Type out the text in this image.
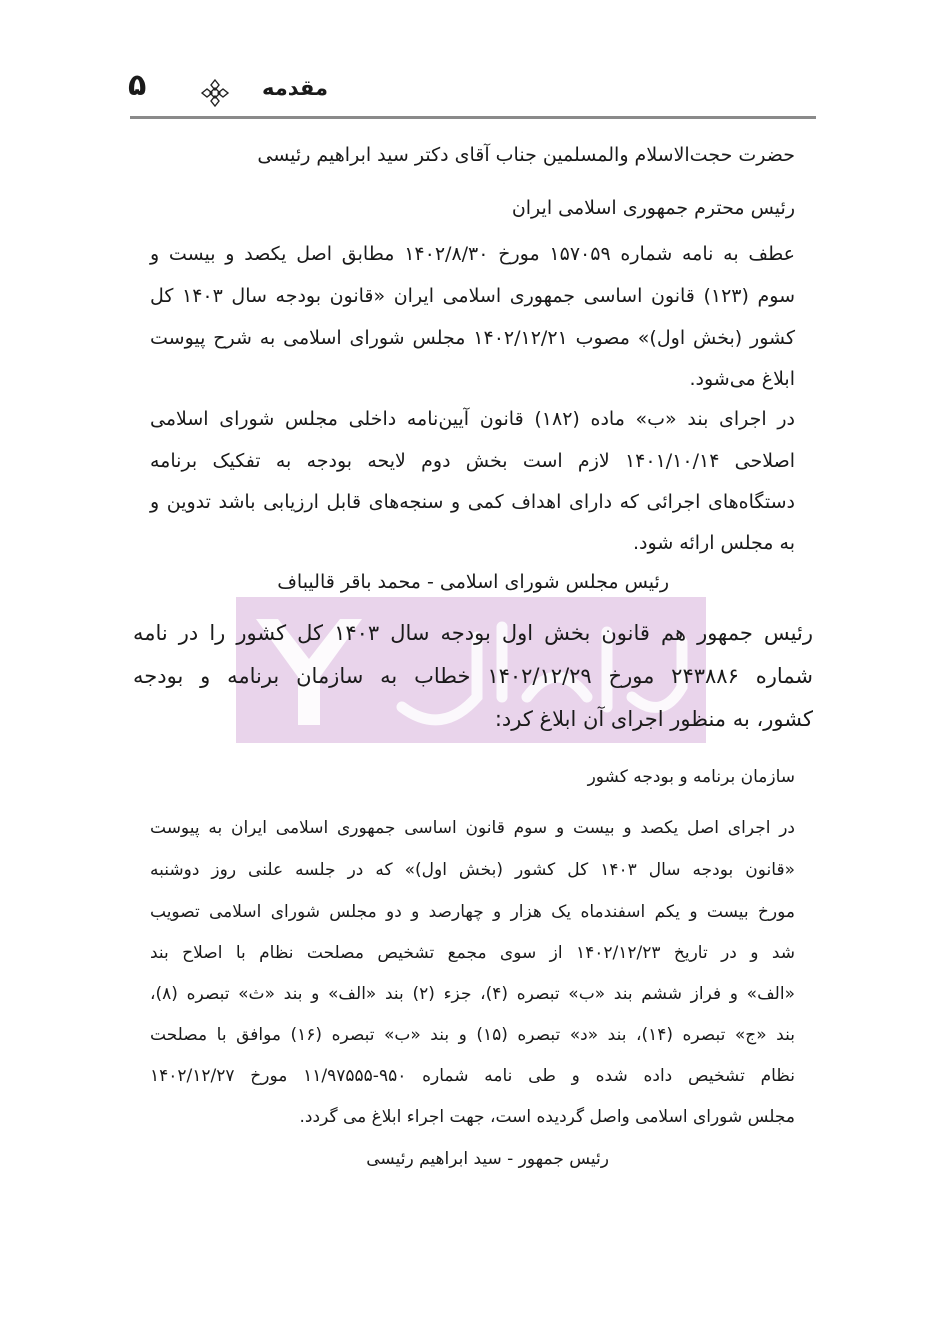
مقدمه
۵
حضرت حجت‌الاسلام والمسلمین جناب آقای دکتر سید ابراهیم رئیسی
رئیس محترم جمهوری اسلامی ایران
عطف به نامه شماره ۱۵۷۰۵۹ مورخ ۱۴۰۲/۸/۳۰ مطابق اصل یکصد و بیست و
سوم (۱۲۳) قانون اساسی جمهوری اسلامی ایران «قانون بودجه سال ۱۴۰۳ کل
کشور (بخش اول)» مصوب ۱۴۰۲/۱۲/۲۱ مجلس شورای اسلامی به شرح پیوست
ابلاغ می‌شود.
در اجرای بند «ب» ماده (۱۸۲) قانون آیین‌نامه داخلی مجلس شورای اسلامی
اصلاحی ۱۴۰۱/۱۰/۱۴ لازم است بخش دوم لایحه بودجه به تفکیک برنامه
دستگاه‌های اجرائی که دارای اهداف کمی و سنجه‌های قابل ارزیابی باشد تدوین و
به مجلس ارائه شود.
رئیس مجلس شورای اسلامی - محمد باقر قالیباف
رئیس جمهور هم قانون بخش اول بودجه سال ۱۴۰۳ کل کشور را در نامه
شماره ۲۴۳۸۸۶ مورخ ۱۴۰۲/۱۲/۲۹ خطاب به سازمان برنامه و بودجه
کشور، به منظور اجرای آن ابلاغ کرد:
سازمان برنامه و بودجه کشور
در اجرای اصل یکصد و بیست و سوم قانون اساسی جمهوری اسلامی ایران به پیوست
«قانون بودجه سال ۱۴۰۳ کل کشور (بخش اول)» که در جلسه علنی روز دوشنبه
مورخ بیست و یکم اسفندماه یک هزار و چهارصد و دو مجلس شورای اسلامی تصویب
شد و در تاریخ ۱۴۰۲/۱۲/۲۳ از سوی مجمع تشخیص مصلحت نظام با اصلاح بند
«الف» و فراز ششم بند «ب» تبصره (۴)، جزء (۲) بند «الف» و بند «ث» تبصره (۸)،
بند «ج» تبصره (۱۴)، بند «د» تبصره (۱۵) و بند «ب» تبصره (۱۶) موافق با مصلحت
نظام تشخیص داده شده و طی نامه شماره ۹۵۰-۱۱/۹۷۵۵۵ مورخ ۱۴۰۲/۱۲/۲۷
مجلس شورای اسلامی واصل گردیده است، جهت اجراء ابلاغ می گردد.
رئیس جمهور - سید ابراهیم رئیسی
